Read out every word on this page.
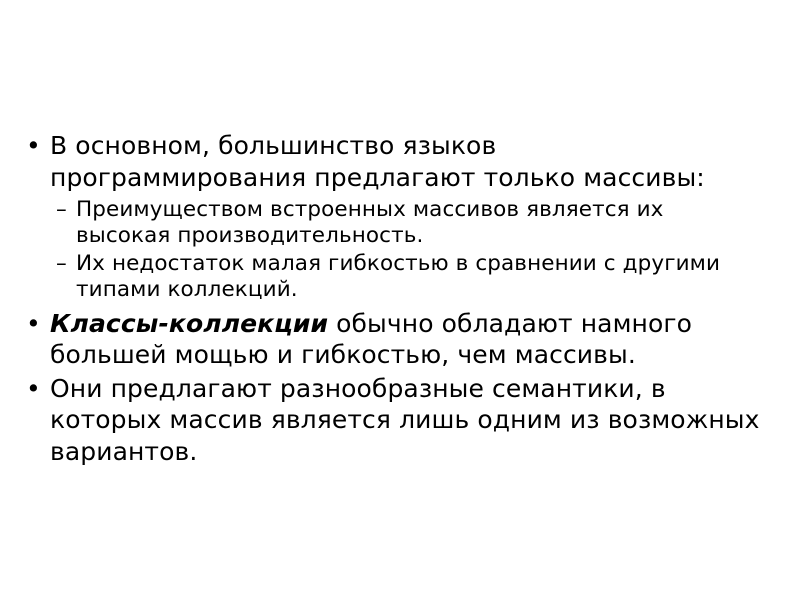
• В основном, большинство языков программирования предлагают только массивы:
– Преимуществом встроенных массивов является их высокая производительность.
– Их недостаток малая гибкостью в сравнении с другими типами коллекций.
• Классы-коллекции обычно обладают намного большей мощью и гибкостью, чем массивы.
• Они предлагают разнообразные семантики, в которых массив является лишь одним из возможных вариантов.
